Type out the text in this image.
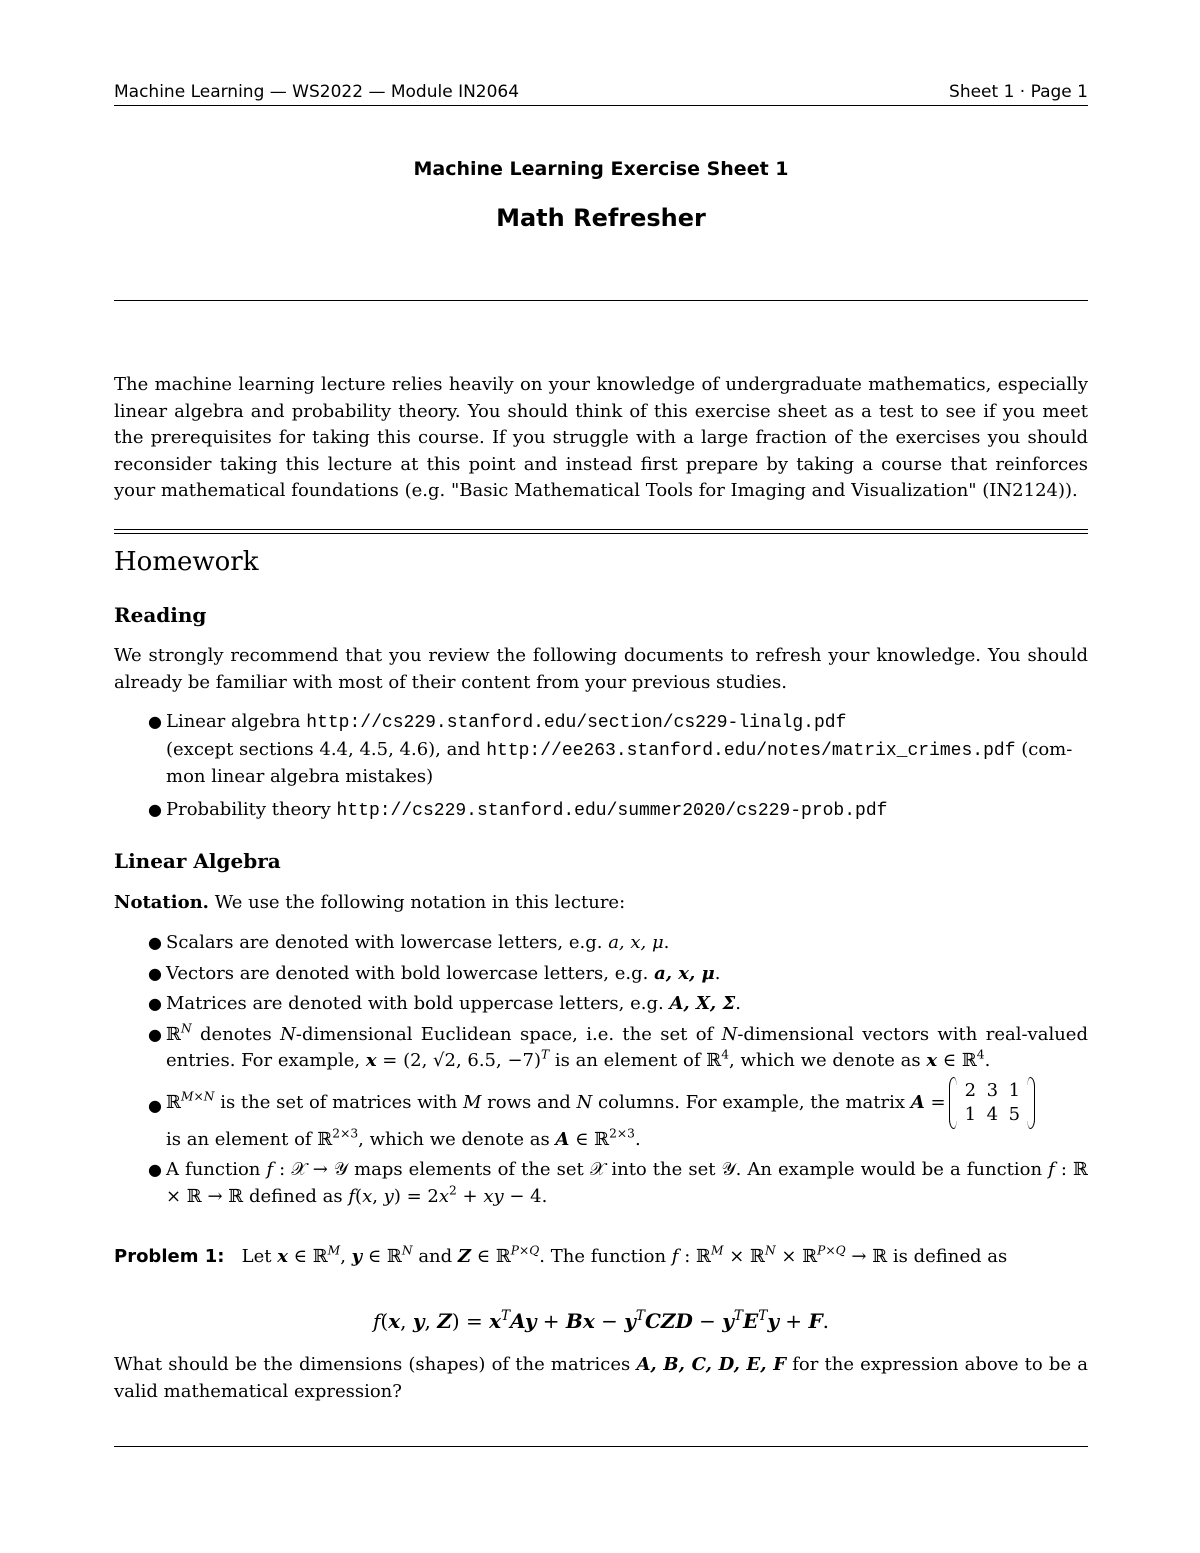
Machine Learning — WS2022 — Module IN2064	Sheet 1 · Page 1
Machine Learning Exercise Sheet 1
Math Refresher
The machine learning lecture relies heavily on your knowledge of undergraduate mathematics, especially linear algebra and probability theory. You should think of this exercise sheet as a test to see if you meet the prerequisites for taking this course. If you struggle with a large fraction of the exercises you should reconsider taking this lecture at this point and instead first prepare by taking a course that reinforces your mathematical foundations (e.g. "Basic Mathematical Tools for Imaging and Visualization" (IN2124)).
Homework
Reading
We strongly recommend that you review the following documents to refresh your knowledge. You should already be familiar with most of their content from your previous studies.
● Linear algebra http://cs229.stanford.edu/section/cs229-linalg.pdf
(except sections 4.4, 4.5, 4.6), and http://ee263.stanford.edu/notes/matrix_crimes.pdf (com-
mon linear algebra mistakes)
● Probability theory http://cs229.stanford.edu/summer2020/cs229-prob.pdf
Linear Algebra
Notation. We use the following notation in this lecture:
● Scalars are denoted with lowercase letters, e.g. a, x, μ.
● Vectors are denoted with bold lowercase letters, e.g. a, x, μ.
● Matrices are denoted with bold uppercase letters, e.g. A, X, Σ.
● ℝ$^N$ denotes N-dimensional Euclidean space, i.e. the set of N-dimensional vectors with real-valued entries. For example, x = (2, √2, 6.5, −7)$^T$ is an element of ℝ$^4$, which we denote as x ∈ ℝ$^4$.
● ℝ$^{M\times N}$ is the set of matrices with M rows and N columns. For example, the matrix A =
2 3 1
1 4 5

is an element of ℝ$^{2\times 3}$, which we denote as A ∈ ℝ$^{2\times 3}$.
● A function f : 𝒳 → 𝒴 maps elements of the set 𝒳 into the set 𝒴. An example would be a function f : ℝ × ℝ → ℝ defined as f(x, $y) = 2x^2$ + xy − 4.
Problem 1: Let x ∈ ℝ$^M$, y ∈ ℝ$^N$ and Z ∈ ℝ$^{P\times Q}$. The function f : ℝ$^M$ × ℝ$^N$ × ℝ$^{P\times Q}$ → ℝ is defined as
f(x, y, $Z) = x^TAy + Bx - y^TCZD - y^TE^Ty + F$.
What should be the dimensions (shapes) of the matrices A, B, C, D, E, F for the expression above to be a valid mathematical expression?
